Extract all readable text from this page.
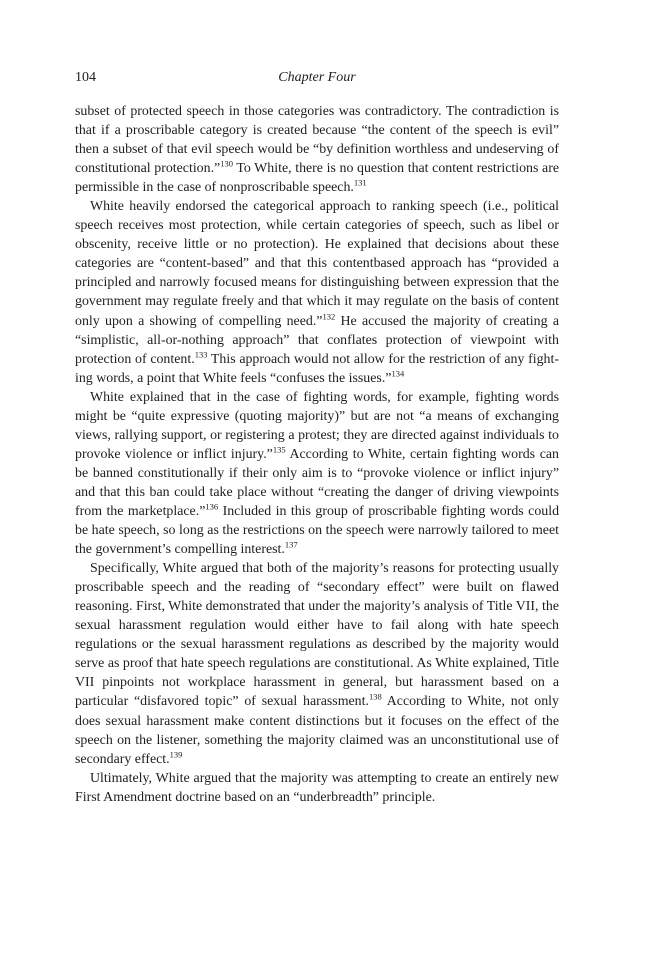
104	Chapter Four

subset of protected speech in those categories was contradictory. The contradiction is that if a proscribable category is created because “the content of the speech is evil” then a subset of that evil speech would be “by definition worthless and undeserving of constitutional protection.”$^{130}$ To White, there is no question that content restrictions are permissible in the case of nonproscribable speech.$^{131}$

White heavily endorsed the categorical approach to ranking speech (i.e., political speech receives most protection, while certain categories of speech, such as libel or obscenity, receive little or no protection). He explained that decisions about these categories are “content-based” and that this contentbased approach has “provided a principled and narrowly focused means for distinguishing between expression that the government may regulate freely and that which it may regulate on the basis of content only upon a showing of compelling need.”$^{132}$ He accused the majority of creating a “simplistic, all-or-nothing approach” that conflates protection of viewpoint with protection of content.$^{133}$ This approach would not allow for the restriction of any fighting words, a point that White feels “confuses the issues.”$^{134}$

White explained that in the case of fighting words, for example, fighting words might be “quite expressive (quoting majority)” but are not “a means of exchanging views, rallying support, or registering a protest; they are directed against individuals to provoke violence or inflict injury.”$^{135}$ According to White, certain fighting words can be banned constitutionally if their only aim is to “provoke violence or inflict injury” and that this ban could take place without “creating the danger of driving viewpoints from the marketplace.”$^{136}$ Included in this group of proscribable fighting words could be hate speech, so long as the restrictions on the speech were narrowly tailored to meet the government’s compelling interest.$^{137}$

Specifically, White argued that both of the majority’s reasons for protecting usually proscribable speech and the reading of “secondary effect” were built on flawed reasoning. First, White demonstrated that under the majority’s analysis of Title VII, the sexual harassment regulation would either have to fail along with hate speech regulations or the sexual harassment regulations as described by the majority would serve as proof that hate speech regulations are constitutional. As White explained, Title VII pinpoints not workplace harassment in general, but harassment based on a particular “disfavored topic” of sexual harassment.$^{138}$ According to White, not only does sexual harassment make content distinctions but it focuses on the effect of the speech on the listener, something the majority claimed was an unconstitutional use of secondary effect.$^{139}$

Ultimately, White argued that the majority was attempting to create an entirely new First Amendment doctrine based on an “underbreadth” principle.
